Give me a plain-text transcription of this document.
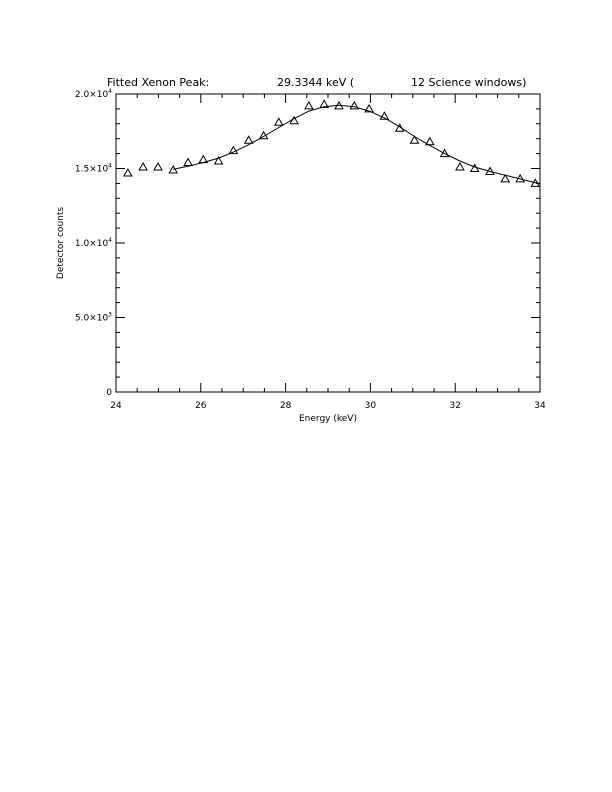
Fitted Xenon Peak:	29.3344 keV (	12 Science windows)
24	26	28	30	32	34
0
$5.0\times 10^3$
$1.0\times 10^4$
$1.5\times 10^4$
$2.0\times 10^4$
Energy (keV)
Detector counts
